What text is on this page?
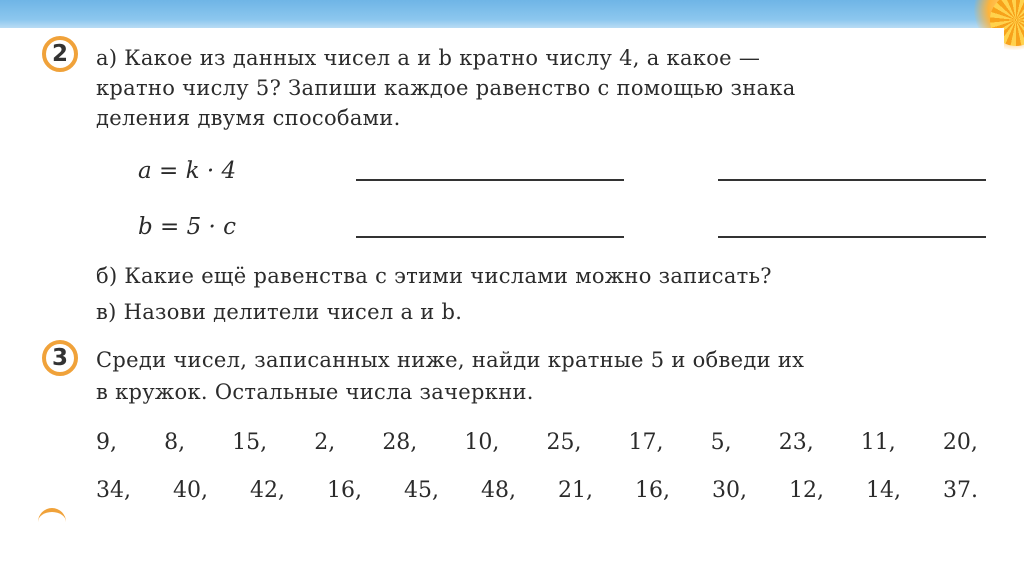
2 а) Какое из данных чисел a и b кратно числу 4, а какое —
кратно числу 5? Запиши каждое равенство с помощью знака
деления двумя способами.
a = k · 4
b = 5 · c
б) Какие ещё равенства с этими числами можно записать?
в) Назови делители чисел a и b.
3 Среди чисел, записанных ниже, найди кратные 5 и обведи их
в кружок. Остальные числа зачеркни.
9, 8, 15, 2, 28, 10, 25, 17, 5, 23, 11, 20,
34, 40, 42, 16, 45, 48, 21, 16, 30, 12, 14, 37.
